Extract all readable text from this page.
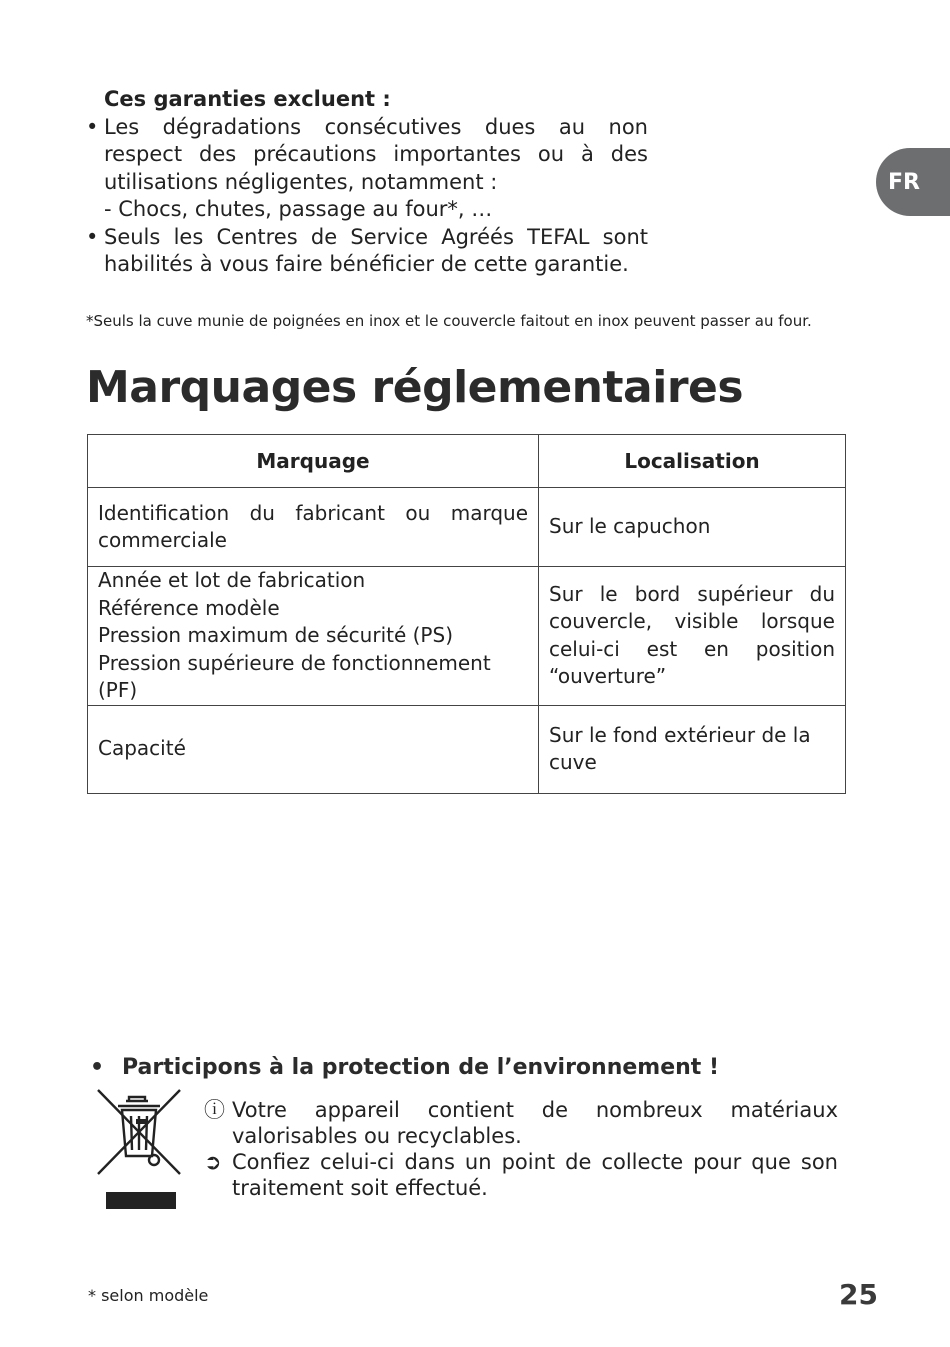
Ces garanties excluent :
• Les dégradations consécutives dues au non respect des précautions importantes ou à des utilisations négligentes, notamment :
- Chocs, chutes, passage au four*, …
• Seuls les Centres de Service Agréés TEFAL sont habilités à vous faire bénéficier de cette garantie.
*Seuls la cuve munie de poignées en inox et le couvercle faitout en inox peuvent passer au four.
FR
Marquages réglementaires
Marquage	Localisation
Identification du fabricant ou marque commerciale	Sur le capuchon

Année et lot de fabrication
Référence modèle
Pression maximum de sécurité (PS)
Pression supérieure de fonctionnement (PF)	Sur le bord supérieur du couvercle, visible lorsque celui-ci est en position “ouverture”
Capacité	Sur le fond extérieur de la cuve
• Participons à la protection de l’environnement !
ⓘ Votre appareil contient de nombreux matériaux valorisables ou recyclables.
➲ Confiez celui-ci dans un point de collecte pour que son traitement soit effectué.
* selon modèle	25
